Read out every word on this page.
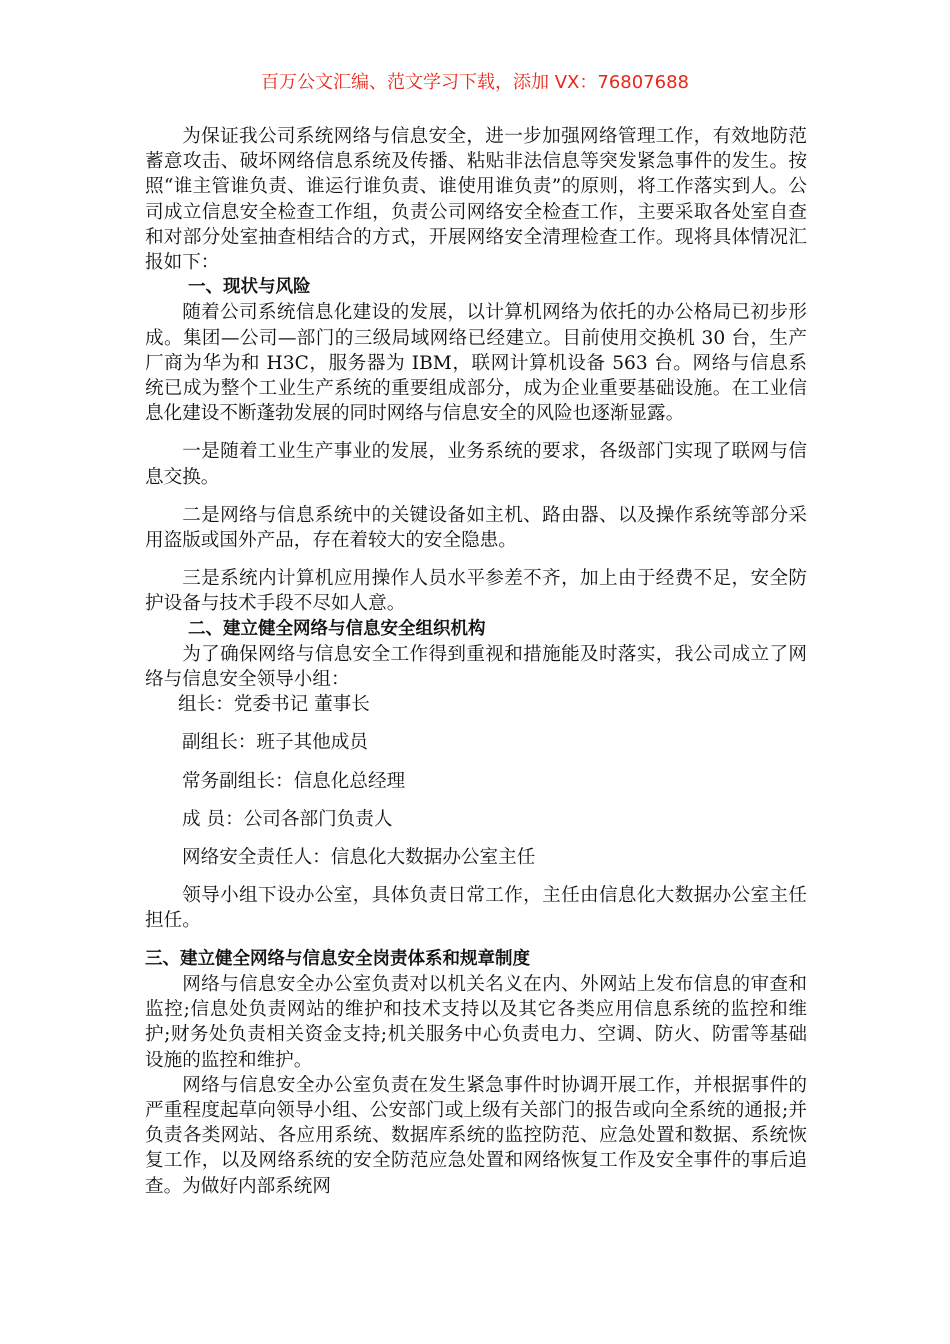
百万公文汇编、范文学习下载，添加 VX：76807688

为保证我公司系统网络与信息安全，进一步加强网络管理工作，有效地防范蓄意攻击、破坏网络信息系统及传播、粘贴非法信息等突发紧急事件的发生。按照“谁主管谁负责、谁运行谁负责、谁使用谁负责”的原则，将工作落实到人。公司成立信息安全检查工作组，负责公司网络安全检查工作，主要采取各处室自查和对部分处室抽查相结合的方式，开展网络安全清理检查工作。现将具体情况汇报如下：

一、现状与风险

随着公司系统信息化建设的发展，以计算机网络为依托的办公格局已初步形成。集团—公司—部门的三级局域网络已经建立。目前使用交换机 30 台，生产厂商为华为和 H3C，服务器为 IBM，联网计算机设备 563 台。网络与信息系统已成为整个工业生产系统的重要组成部分，成为企业重要基础设施。在工业信息化建设不断蓬勃发展的同时网络与信息安全的风险也逐渐显露。

一是随着工业生产事业的发展，业务系统的要求，各级部门实现了联网与信息交换。

二是网络与信息系统中的关键设备如主机、路由器、以及操作系统等部分采用盗版或国外产品，存在着较大的安全隐患。

三是系统内计算机应用操作人员水平参差不齐，加上由于经费不足，安全防护设备与技术手段不尽如人意。

二、建立健全网络与信息安全组织机构

为了确保网络与信息安全工作得到重视和措施能及时落实，我公司成立了网络与信息安全领导小组：

组长：党委书记 董事长

副组长：班子其他成员

常务副组长：信息化总经理

成 员：公司各部门负责人

网络安全责任人：信息化大数据办公室主任

领导小组下设办公室，具体负责日常工作，主任由信息化大数据办公室主任担任。

三、建立健全网络与信息安全岗责体系和规章制度

网络与信息安全办公室负责对以机关名义在内、外网站上发布信息的审查和监控;信息处负责网站的维护和技术支持以及其它各类应用信息系统的监控和维护;财务处负责相关资金支持;机关服务中心负责电力、空调、防火、防雷等基础设施的监控和维护。

网络与信息安全办公室负责在发生紧急事件时协调开展工作，并根据事件的严重程度起草向领导小组、公安部门或上级有关部门的报告或向全系统的通报;并负责各类网站、各应用系统、数据库系统的监控防范、应急处置和数据、系统恢复工作，以及网络系统的安全防范应急处置和网络恢复工作及安全事件的事后追查。为做好内部系统网
